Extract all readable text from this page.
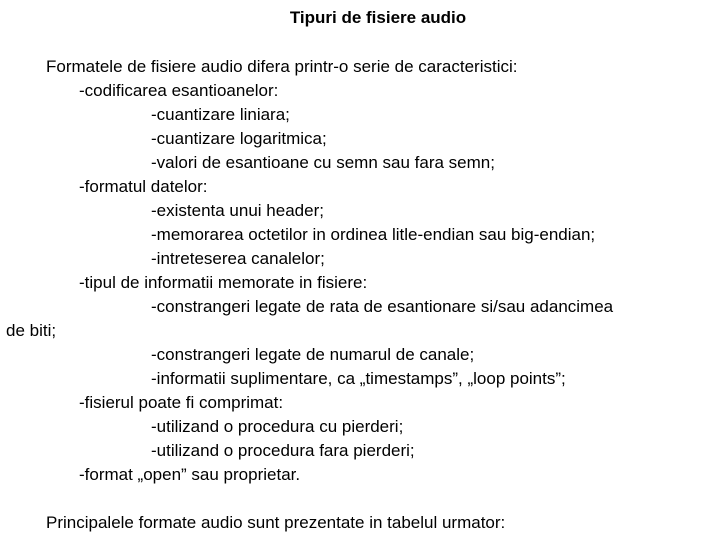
Tipuri de fisiere audio
Formatele de fisiere audio difera printr-o serie de caracteristici:
-codificarea esantioanelor:
-cuantizare liniara;
-cuantizare logaritmica;
-valori de esantioane cu semn sau fara semn;
-formatul datelor:
-existenta unui header;
-memorarea octetilor in ordinea litle-endian sau big-endian;
-intreteserea canalelor;
-tipul de informatii memorate in fisiere:
-constrangeri legate de rata de esantionare si/sau adancimea
de biti;
-constrangeri legate de numarul de canale;
-informatii suplimentare, ca „timestamps”, „loop points”;
-fisierul poate fi comprimat:
-utilizand o procedura cu pierderi;
-utilizand o procedura fara pierderi;
-format „open” sau proprietar.
Principalele formate audio sunt prezentate in tabelul urmator:
